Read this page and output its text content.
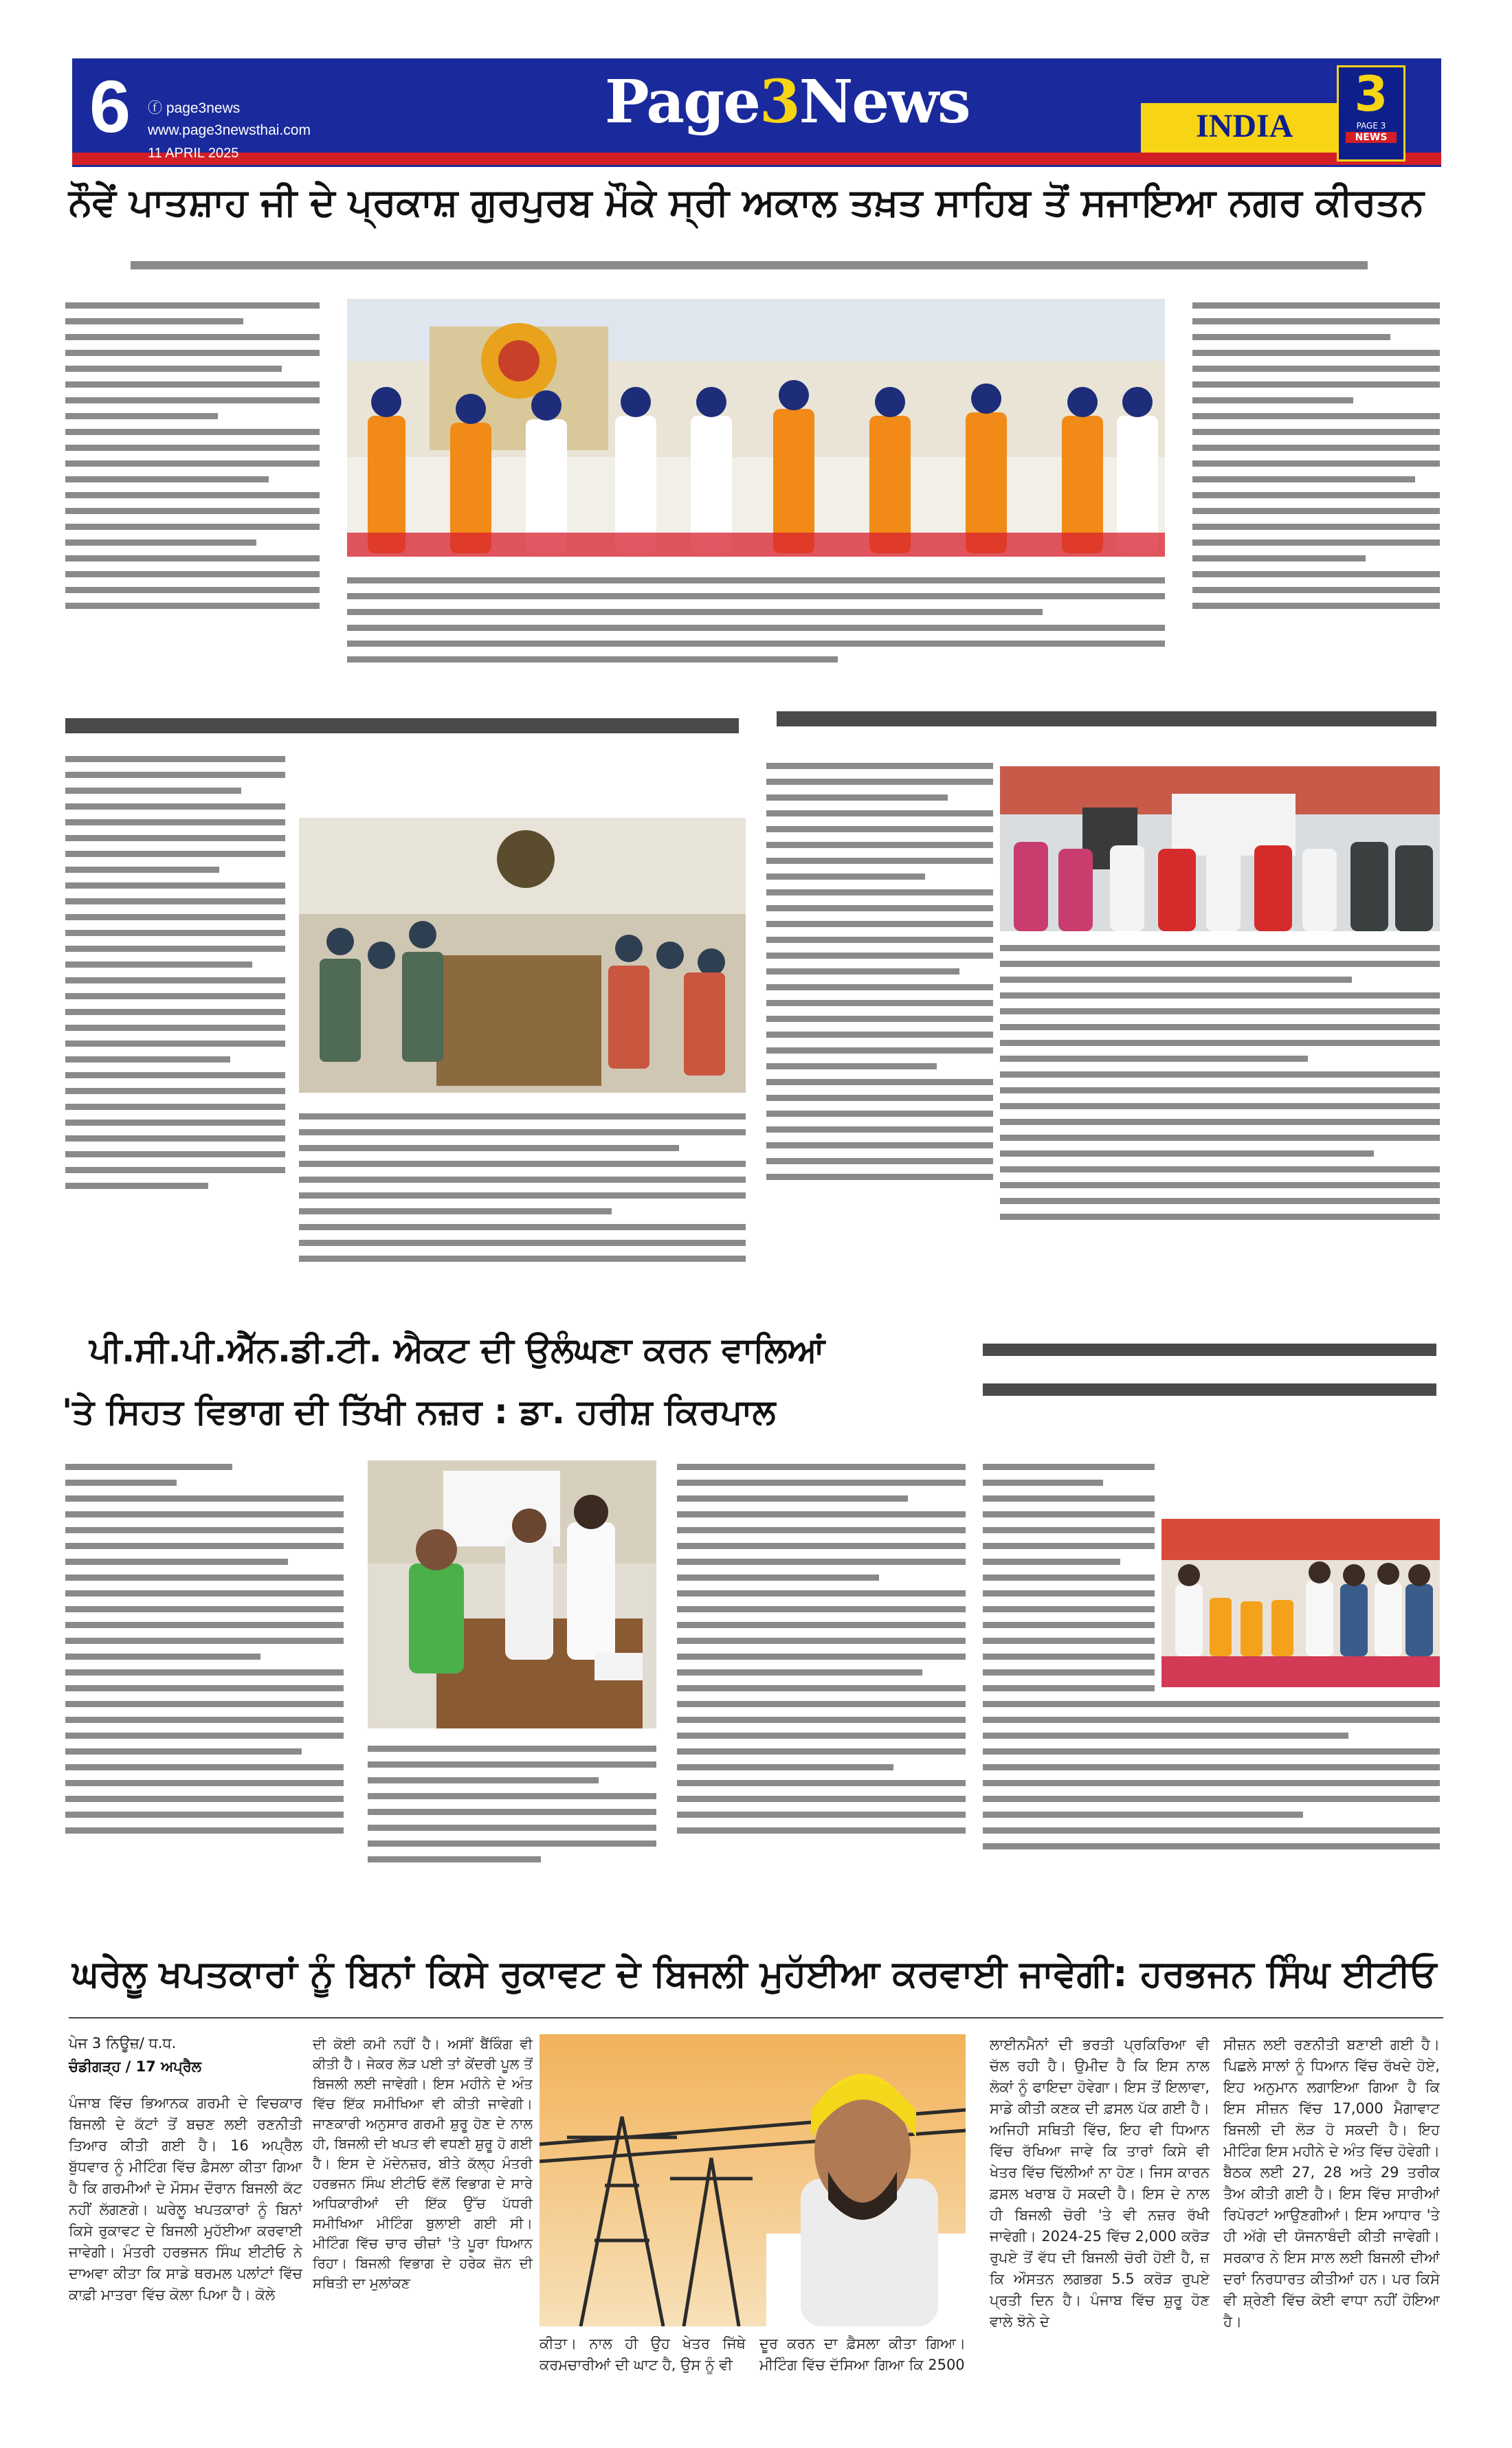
6 ⓕ page3news
www.page3newsthai.com
11 APRIL 2025
Page3News	INDIA
3
PAGE 3
NEWS
ਨੌਵੇਂ ਪਾਤਸ਼ਾਹ ਜੀ ਦੇ ਪ੍ਰਕਾਸ਼ ਗੁਰਪੁਰਬ ਮੌਕੇ ਸ੍ਰੀ ਅਕਾਲ ਤਖ਼ਤ ਸਾਹਿਬ ਤੋਂ ਸਜਾਇਆ ਨਗਰ ਕੀਰਤਨ
ਪੀ.ਸੀ.ਪੀ.ਐੱਨ.ਡੀ.ਟੀ. ਐਕਟ ਦੀ ਉਲੰਘਣਾ ਕਰਨ ਵਾਲਿਆਂ
'ਤੇ ਸਿਹਤ ਵਿਭਾਗ ਦੀ ਤਿੱਖੀ ਨਜ਼ਰ : ਡਾ. ਹਰੀਸ਼ ਕਿਰਪਾਲ
ਘਰੇਲੂ ਖਪਤਕਾਰਾਂ ਨੂੰ ਬਿਨਾਂ ਕਿਸੇ ਰੁਕਾਵਟ ਦੇ ਬਿਜਲੀ ਮੁਹੱਈਆ ਕਰਵਾਈ ਜਾਵੇਗੀ: ਹਰਭਜਨ ਸਿੰਘ ਈਟੀਓ
ਪੇਜ 3 ਨਿਊਜ਼/ ਧ.ਧ.
ਚੰਡੀਗੜ੍ਹ / 17 ਅਪ੍ਰੈਲ

ਪੰਜਾਬ ਵਿੱਚ ਭਿਆਨਕ ਗਰਮੀ ਦੇ ਵਿਚਕਾਰ ਬਿਜਲੀ ਦੇ ਕੱਟਾਂ ਤੋਂ ਬਚਣ ਲਈ ਰਣਨੀਤੀ ਤਿਆਰ ਕੀਤੀ ਗਈ ਹੈ। 16 ਅਪ੍ਰੈਲ ਬੁੱਧਵਾਰ ਨੂੰ ਮੀਟਿੰਗ ਵਿੱਚ ਫ਼ੈਸਲਾ ਕੀਤਾ ਗਿਆ ਹੈ ਕਿ ਗਰਮੀਆਂ ਦੇ ਮੌਸਮ ਦੌਰਾਨ ਬਿਜਲੀ ਕੱਟ ਨਹੀਂ ਲੱਗਣਗੇ। ਘਰੇਲੂ ਖਪਤਕਾਰਾਂ ਨੂੰ ਬਿਨਾਂ ਕਿਸੇ ਰੁਕਾਵਟ ਦੇ ਬਿਜਲੀ ਮੁਹੱਈਆ ਕਰਵਾਈ ਜਾਵੇਗੀ। ਮੰਤਰੀ ਹਰਭਜਨ ਸਿੰਘ ਈਟੀਓ ਨੇ ਦਾਅਵਾ ਕੀਤਾ ਕਿ ਸਾਡੇ ਥਰਮਲ ਪਲਾਂਟਾਂ ਵਿੱਚ ਕਾਫ਼ੀ ਮਾਤਰਾ ਵਿੱਚ ਕੋਲਾ ਪਿਆ ਹੈ। ਕੋਲੇ

ਦੀ ਕੋਈ ਕਮੀ ਨਹੀਂ ਹੈ। ਅਸੀਂ ਬੈਂਕਿੰਗ ਵੀ ਕੀਤੀ ਹੈ। ਜੇਕਰ ਲੋੜ ਪਈ ਤਾਂ ਕੇਂਦਰੀ ਪੂਲ ਤੋਂ ਬਿਜਲੀ ਲਈ ਜਾਵੇਗੀ। ਇਸ ਮਹੀਨੇ ਦੇ ਅੰਤ ਵਿੱਚ ਇੱਕ ਸਮੀਖਿਆ ਵੀ ਕੀਤੀ ਜਾਵੇਗੀ। ਜਾਣਕਾਰੀ ਅਨੁਸਾਰ ਗਰਮੀ ਸ਼ੁਰੂ ਹੋਣ ਦੇ ਨਾਲ ਹੀ, ਬਿਜਲੀ ਦੀ ਖਪਤ ਵੀ ਵਧਣੀ ਸ਼ੁਰੂ ਹੋ ਗਈ ਹੈ। ਇਸ ਦੇ ਮੱਦੇਨਜ਼ਰ, ਬੀਤੇ ਕੱਲ੍ਹ ਮੰਤਰੀ ਹਰਭਜਨ ਸਿੰਘ ਈਟੀਓ ਵੱਲੋਂ ਵਿਭਾਗ ਦੇ ਸਾਰੇ ਅਧਿਕਾਰੀਆਂ ਦੀ ਇੱਕ ਉੱਚ ਪੱਧਰੀ ਸਮੀਖਿਆ ਮੀਟਿੰਗ ਬੁਲਾਈ ਗਈ ਸੀ। ਮੀਟਿੰਗ ਵਿੱਚ ਚਾਰ ਚੀਜ਼ਾਂ 'ਤੇ ਪੂਰਾ ਧਿਆਨ ਰਿਹਾ। ਬਿਜਲੀ ਵਿਭਾਗ ਦੇ ਹਰੇਕ ਜ਼ੋਨ ਦੀ ਸਥਿਤੀ ਦਾ ਮੁਲਾਂਕਣ

ਕੀਤਾ। ਨਾਲ ਹੀ ਉਹ ਖੇਤਰ ਜਿੱਥੇ ਕਰਮਚਾਰੀਆਂ ਦੀ ਘਾਟ ਹੈ, ਉਸ ਨੂੰ ਵੀ

ਦੂਰ ਕਰਨ ਦਾ ਫ਼ੈਸਲਾ ਕੀਤਾ ਗਿਆ। ਮੀਟਿੰਗ ਵਿੱਚ ਦੱਸਿਆ ਗਿਆ ਕਿ 2500

ਲਾਈਨਮੈਨਾਂ ਦੀ ਭਰਤੀ ਪ੍ਰਕਿਰਿਆ ਵੀ ਚੱਲ ਰਹੀ ਹੈ। ਉਮੀਦ ਹੈ ਕਿ ਇਸ ਨਾਲ ਲੋਕਾਂ ਨੂੰ ਫਾਇਦਾ ਹੋਵੇਗਾ। ਇਸ ਤੋਂ ਇਲਾਵਾ, ਸਾਡੇ ਕੀਤੀ ਕਣਕ ਦੀ ਫ਼ਸਲ ਪੱਕ ਗਈ ਹੈ। ਅਜਿਹੀ ਸਥਿਤੀ ਵਿੱਚ, ਇਹ ਵੀ ਧਿਆਨ ਵਿੱਚ ਰੱਖਿਆ ਜਾਵੇ ਕਿ ਤਾਰਾਂ ਕਿਸੇ ਵੀ ਖੇਤਰ ਵਿੱਚ ਢਿੱਲੀਆਂ ਨਾ ਹੋਣ। ਜਿਸ ਕਾਰਨ ਫ਼ਸਲ ਖਰਾਬ ਹੋ ਸਕਦੀ ਹੈ। ਇਸ ਦੇ ਨਾਲ ਹੀ ਬਿਜਲੀ ਚੋਰੀ 'ਤੇ ਵੀ ਨਜ਼ਰ ਰੱਖੀ ਜਾਵੇਗੀ। 2024-25 ਵਿੱਚ 2,000 ਕਰੋੜ ਰੁਪਏ ਤੋਂ ਵੱਧ ਦੀ ਬਿਜਲੀ ਚੋਰੀ ਹੋਈ ਹੈ, ਜ਼ ਕਿ ਔਸਤਨ ਲਗਭਗ 5.5 ਕਰੋੜ ਰੁਪਏ ਪ੍ਰਤੀ ਦਿਨ ਹੈ। ਪੰਜਾਬ ਵਿੱਚ ਸ਼ੁਰੂ ਹੋਣ ਵਾਲੇ ਝੋਨੇ ਦੇ

ਸੀਜ਼ਨ ਲਈ ਰਣਨੀਤੀ ਬਣਾਈ ਗਈ ਹੈ। ਪਿਛਲੇ ਸਾਲਾਂ ਨੂੰ ਧਿਆਨ ਵਿੱਚ ਰੱਖਦੇ ਹੋਏ, ਇਹ ਅਨੁਮਾਨ ਲਗਾਇਆ ਗਿਆ ਹੈ ਕਿ ਇਸ ਸੀਜ਼ਨ ਵਿੱਚ 17,000 ਮੈਗਾਵਾਟ ਬਿਜਲੀ ਦੀ ਲੋੜ ਹੋ ਸਕਦੀ ਹੈ। ਇਹ ਮੀਟਿੰਗ ਇਸ ਮਹੀਨੇ ਦੇ ਅੰਤ ਵਿੱਚ ਹੋਵੇਗੀ। ਬੈਠਕ ਲਈ 27, 28 ਅਤੇ 29 ਤਰੀਕ ਤੈਅ ਕੀਤੀ ਗਈ ਹੈ। ਇਸ ਵਿੱਚ ਸਾਰੀਆਂ ਰਿਪੋਰਟਾਂ ਆਉਣਗੀਆਂ। ਇਸ ਆਧਾਰ 'ਤੇ ਹੀ ਅੱਗੇ ਦੀ ਯੋਜਨਾਬੰਦੀ ਕੀਤੀ ਜਾਵੇਗੀ। ਸਰਕਾਰ ਨੇ ਇਸ ਸਾਲ ਲਈ ਬਿਜਲੀ ਦੀਆਂ ਦਰਾਂ ਨਿਰਧਾਰਤ ਕੀਤੀਆਂ ਹਨ। ਪਰ ਕਿਸੇ ਵੀ ਸ਼੍ਰੇਣੀ ਵਿੱਚ ਕੋਈ ਵਾਧਾ ਨਹੀਂ ਹੋਇਆ ਹੈ।
